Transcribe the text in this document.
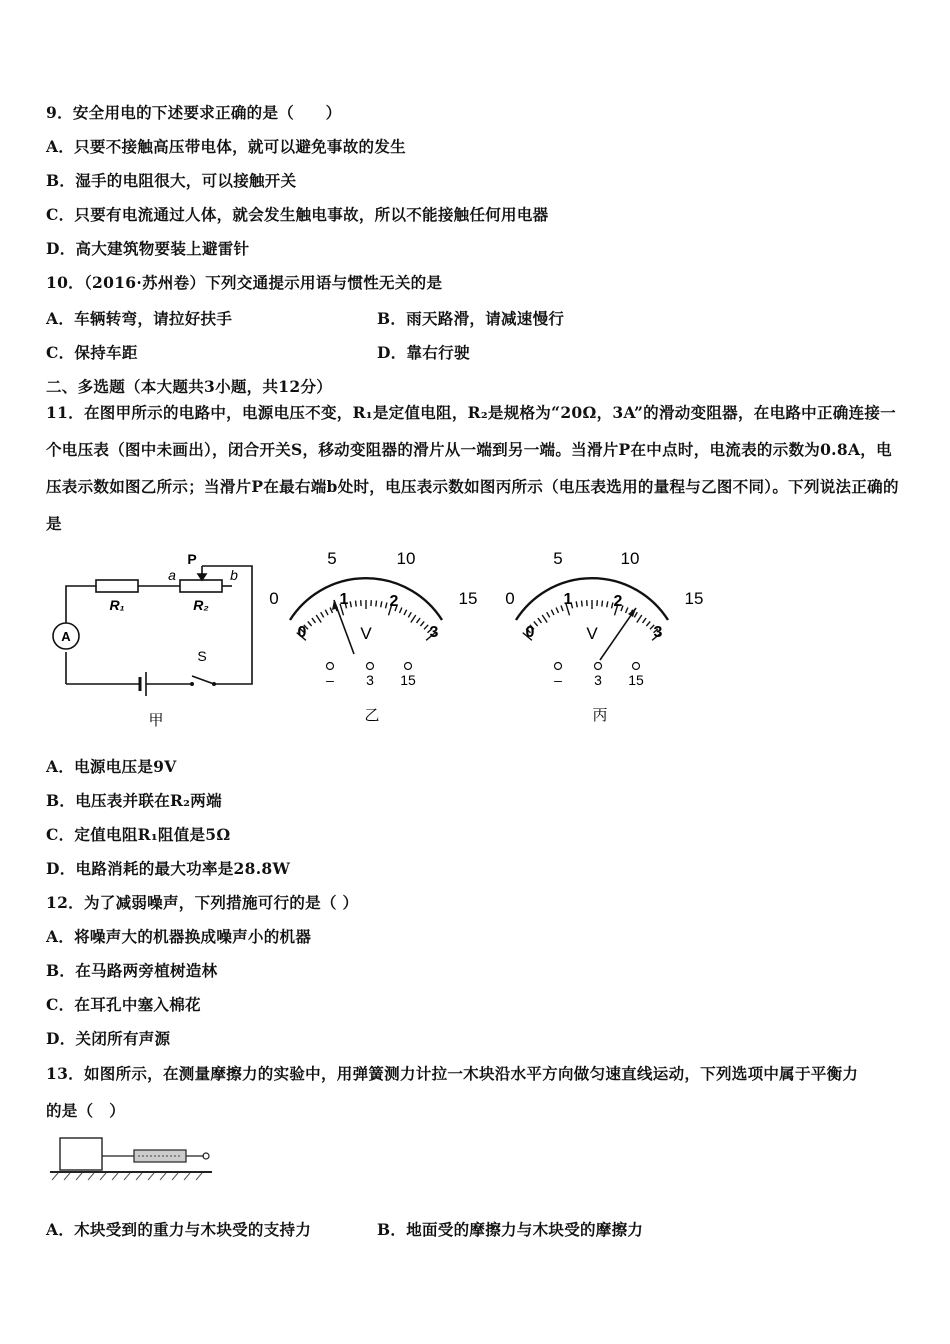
9．安全用电的下述要求正确的是（　　）
A．只要不接触高压带电体，就可以避免事故的发生
B．湿手的电阻很大，可以接触开关
C．只要有电流通过人体，就会发生触电事故，所以不能接触任何用电器
D．高大建筑物要装上避雷针
10．（2016·苏州卷）下列交通提示用语与惯性无关的是
A．车辆转弯，请拉好扶手	B．雨天路滑，请减速慢行
C．保持车距	D．靠右行驶
二、多选题（本大题共3小题，共12分）
11．在图甲所示的电路中，电源电压不变，R₁是定值电阻，R₂是规格为“20Ω，3A”的滑动变阻器，在电路中正确连接一个电压表（图中未画出），闭合开关S，移动变阻器的滑片从一端到另一端。当滑片P在中点时，电流表的示数为0.8A，电压表示数如图乙所示；当滑片P在最右端b处时，电压表示数如图丙所示（电压表选用的量程与乙图不同）。下列说法正确的是
A
R₁	R₂
P
a	b
S
甲
0
5	10
15
0
1	2
3
V
– 3 15
乙
0
5	10
15
0
1	2
3
V
– 3 15
丙
A．电源电压是9V
B．电压表并联在R₂两端
C．定值电阻R₁阻值是5Ω
D．电路消耗的最大功率是28.8W
12．为了减弱噪声，下列措施可行的是（ ）
A．将噪声大的机器换成噪声小的机器
B．在马路两旁植树造林
C．在耳孔中塞入棉花
D．关闭所有声源
13．如图所示，在测量摩擦力的实验中，用弹簧测力计拉一木块沿水平方向做匀速直线运动，下列选项中属于平衡力
的是（　）
A．木块受到的重力与木块受的支持力	B．地面受的摩擦力与木块受的摩擦力
